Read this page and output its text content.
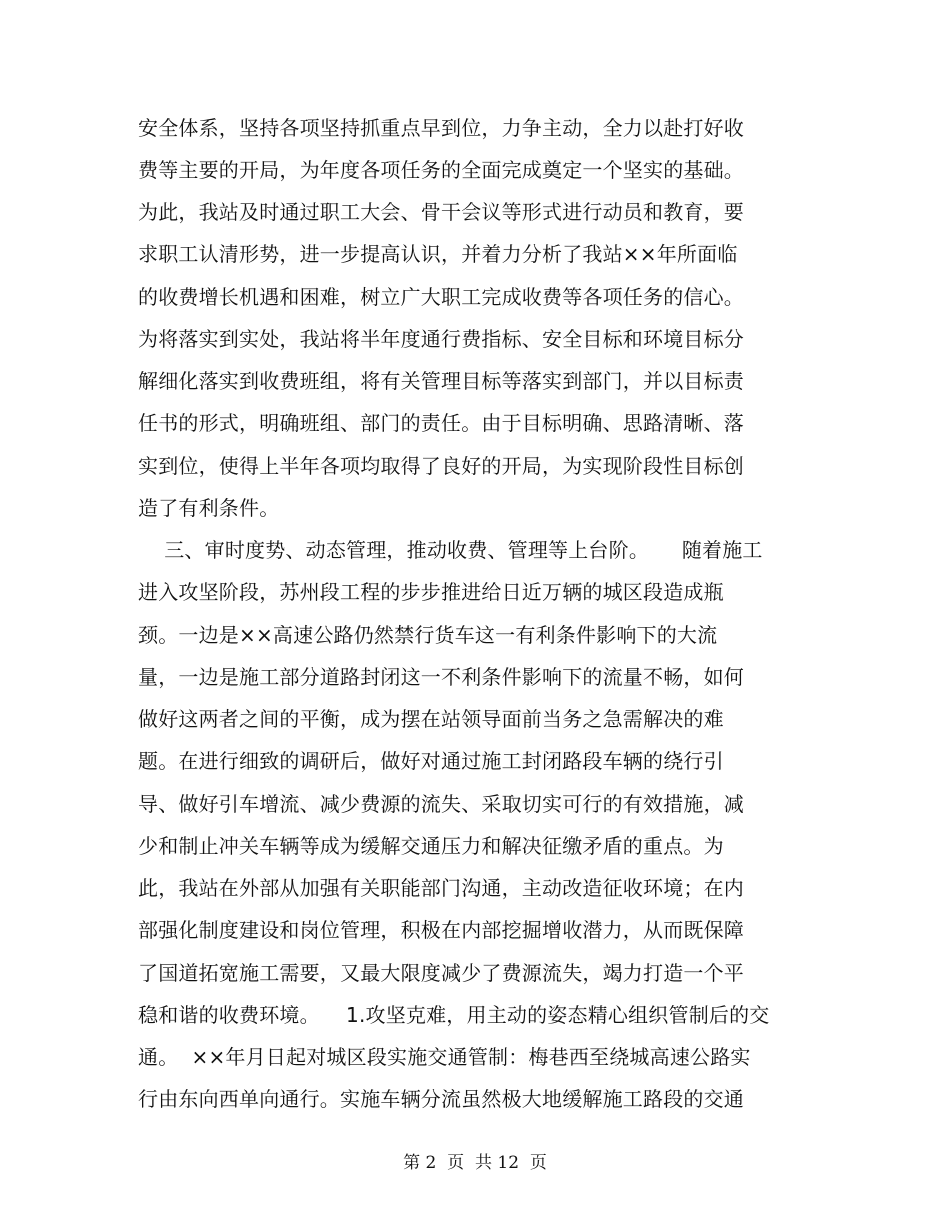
安全体系，坚持各项坚持抓重点早到位，力争主动，全力以赴打好收
费等主要的开局，为年度各项任务的全面完成奠定一个坚实的基础。
为此，我站及时通过职工大会、骨干会议等形式进行动员和教育，要
求职工认清形势，进一步提高认识，并着力分析了我站××年所面临
的收费增长机遇和困难，树立广大职工完成收费等各项任务的信心。
为将落实到实处，我站将半年度通行费指标、安全目标和环境目标分
解细化落实到收费班组，将有关管理目标等落实到部门，并以目标责
任书的形式，明确班组、部门的责任。由于目标明确、思路清晰、落
实到位，使得上半年各项均取得了良好的开局，为实现阶段性目标创
造了有利条件。
三、审时度势、动态管理，推动收费、管理等上台阶。     随着施工
进入攻坚阶段，苏州段工程的步步推进给日近万辆的城区段造成瓶
颈。一边是××高速公路仍然禁行货车这一有利条件影响下的大流
量，一边是施工部分道路封闭这一不利条件影响下的流量不畅，如何
做好这两者之间的平衡，成为摆在站领导面前当务之急需解决的难
题。在进行细致的调研后，做好对通过施工封闭路段车辆的绕行引
导、做好引车增流、减少费源的流失、采取切实可行的有效措施，减
少和制止冲关车辆等成为缓解交通压力和解决征缴矛盾的重点。为
此，我站在外部从加强有关职能部门沟通，主动改造征收环境；在内
部强化制度建设和岗位管理，积极在内部挖掘增收潜力，从而既保障
了国道拓宽施工需要，又最大限度减少了费源流失，竭力打造一个平
稳和谐的收费环境。    1.攻坚克难，用主动的姿态精心组织管制后的交
通。  ××年月日起对城区段实施交通管制：梅巷西至绕城高速公路实
行由东向西单向通行。实施车辆分流虽然极大地缓解施工路段的交通
第 2  页  共 12  页
